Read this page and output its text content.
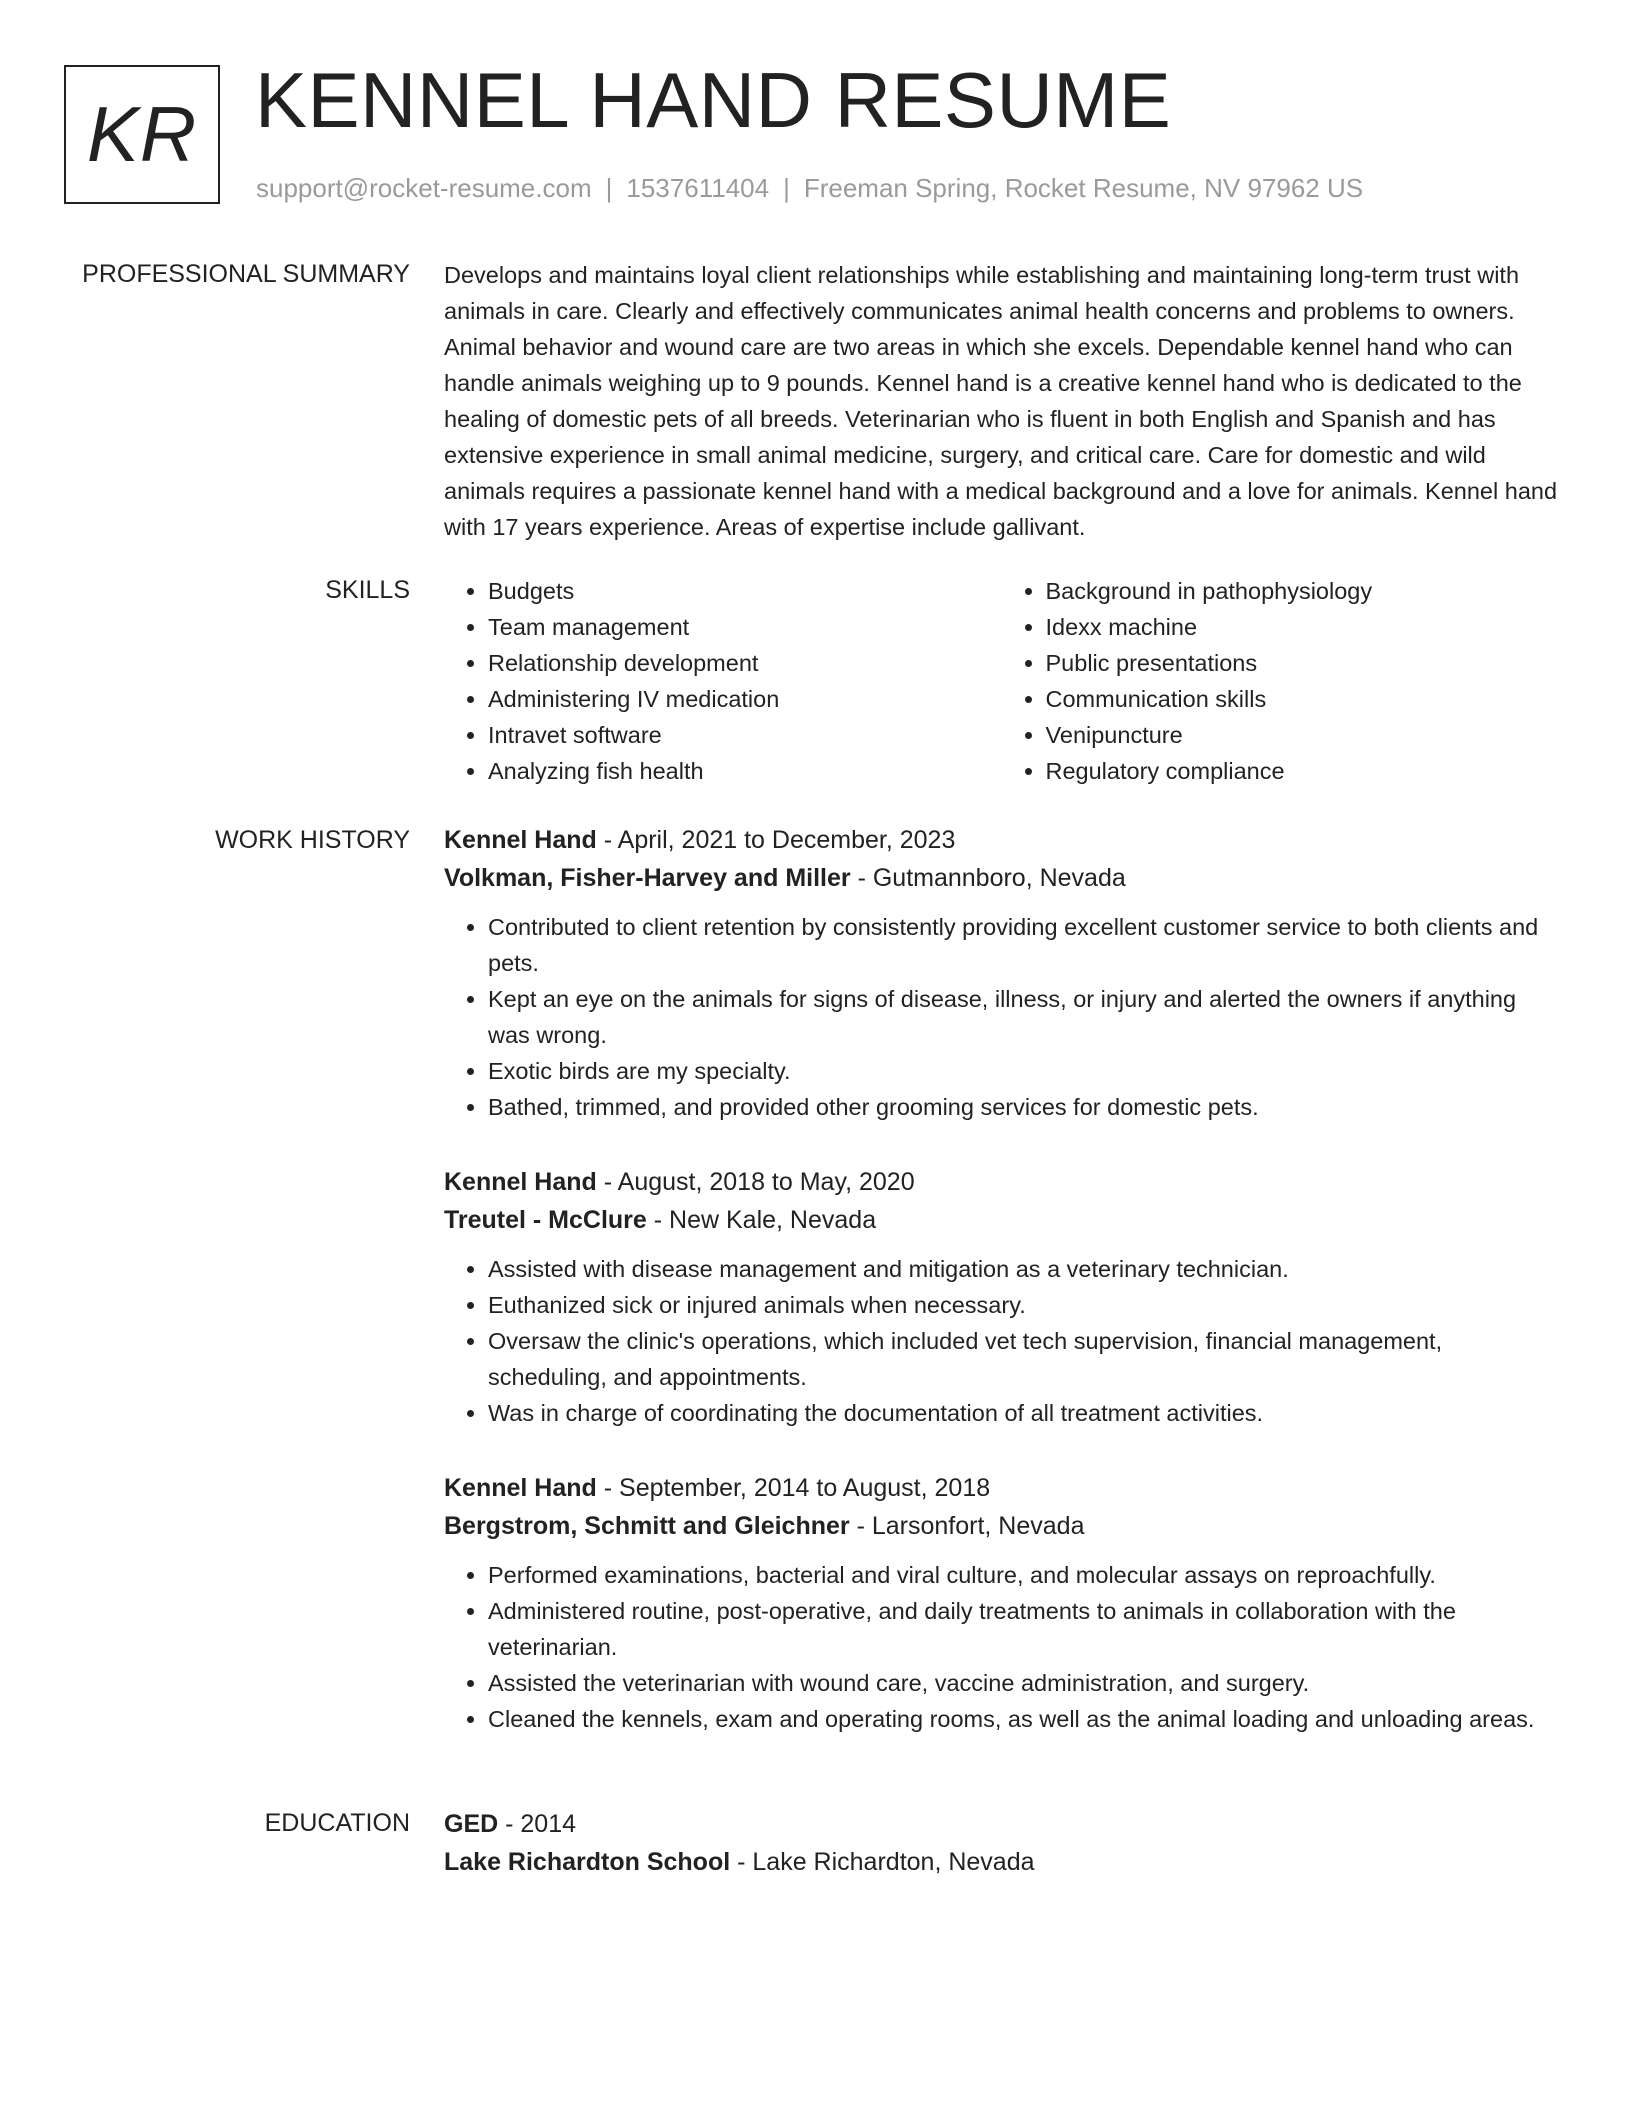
KR KENNEL HAND RESUME
support@rocket-resume.com | 1537611404 | Freeman Spring, Rocket Resume, NV 97962 US
PROFESSIONAL SUMMARY Develops and maintains loyal client relationships while establishing and maintaining long-term trust with animals in care. Clearly and effectively communicates animal health concerns and problems to owners. Animal behavior and wound care are two areas in which she excels. Dependable kennel hand who can handle animals weighing up to 9 pounds. Kennel hand is a creative kennel hand who is dedicated to the healing of domestic pets of all breeds. Veterinarian who is fluent in both English and Spanish and has extensive experience in small animal medicine, surgery, and critical care. Care for domestic and wild animals requires a passionate kennel hand with a medical background and a love for animals. Kennel hand with 17 years experience. Areas of expertise include gallivant.

SKILLS
•	Budgets
• Team management
• Relationship development
• Administering IV medication
• Intravet software
• Analyzing fish health
• Background in pathophysiology
• Idexx machine
• Public presentations
• Communication skills
• Venipuncture
• Regulatory compliance
WORK HISTORY Kennel Hand - April, 2021 to December, 2023
Volkman, Fisher-Harvey and Miller - Gutmannboro, Nevada
• Contributed to client retention by consistently providing excellent customer service to both clients and pets.
• Kept an eye on the animals for signs of disease, illness, or injury and alerted the owners if anything was wrong.
• Exotic birds are my specialty.
• Bathed, trimmed, and provided other grooming services for domestic pets.
Kennel Hand - August, 2018 to May, 2020
Treutel - McClure - New Kale, Nevada
• Assisted with disease management and mitigation as a veterinary technician.
• Euthanized sick or injured animals when necessary.
• Oversaw the clinic's operations, which included vet tech supervision, financial management, scheduling, and appointments.
• Was in charge of coordinating the documentation of all treatment activities.
Kennel Hand - September, 2014 to August, 2018
Bergstrom, Schmitt and Gleichner - Larsonfort, Nevada
• Performed examinations, bacterial and viral culture, and molecular assays on reproachfully.
• Administered routine, post-operative, and daily treatments to animals in collaboration with the veterinarian.
• Assisted the veterinarian with wound care, vaccine administration, and surgery.
• Cleaned the kennels, exam and operating rooms, as well as the animal loading and unloading areas.
EDUCATION GED - 2014
Lake Richardton School - Lake Richardton, Nevada
